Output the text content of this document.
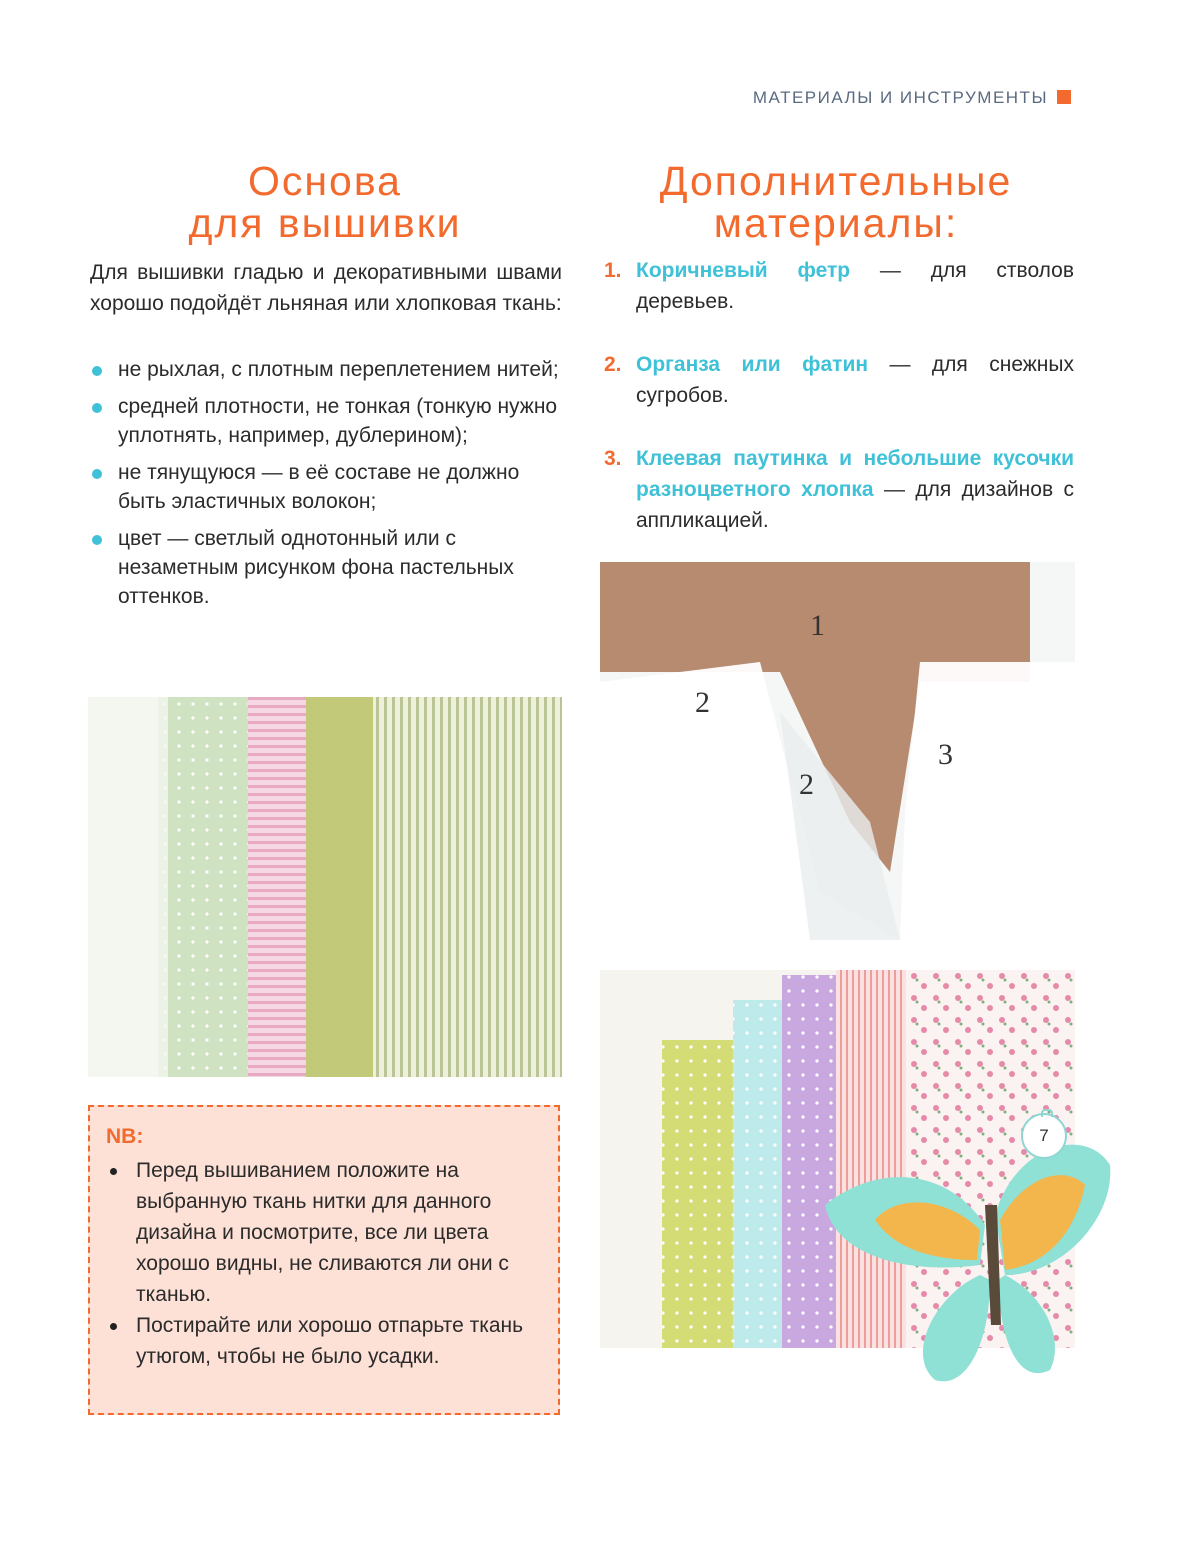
МАТЕРИАЛЫ И ИНСТРУМЕНТЫ
Основа
для вышивки
Дополнительные
материалы:
Для вышивки гладью и декоративными швами хорошо подойдёт льняная или хлопковая ткань:
не рыхлая, с плотным переплетением нитей;
средней плотности, не тонкая (тонкую нужно уплотнять, например, дублерином);
не тянущуюся — в её составе не должно быть эластичных волокон;
цвет — светлый однотонный или с незаметным рисунком фона пастельных оттенков.
1. Коричневый фетр — для стволов деревьев.
2. Органза или фатин — для снежных сугробов.
3. Клеевая паутинка и небольшие кусочки разноцветного хлопка — для дизайнов с аппликацией.
1
2
2
3
NB:
Перед вышиванием положите на выбранную ткань нитки для данного дизайна и посмотрите, все ли цвета хорошо видны, не сливаются ли они с тканью.
Постирайте или хорошо отпарьте ткань утюгом, чтобы не было усадки.
7
